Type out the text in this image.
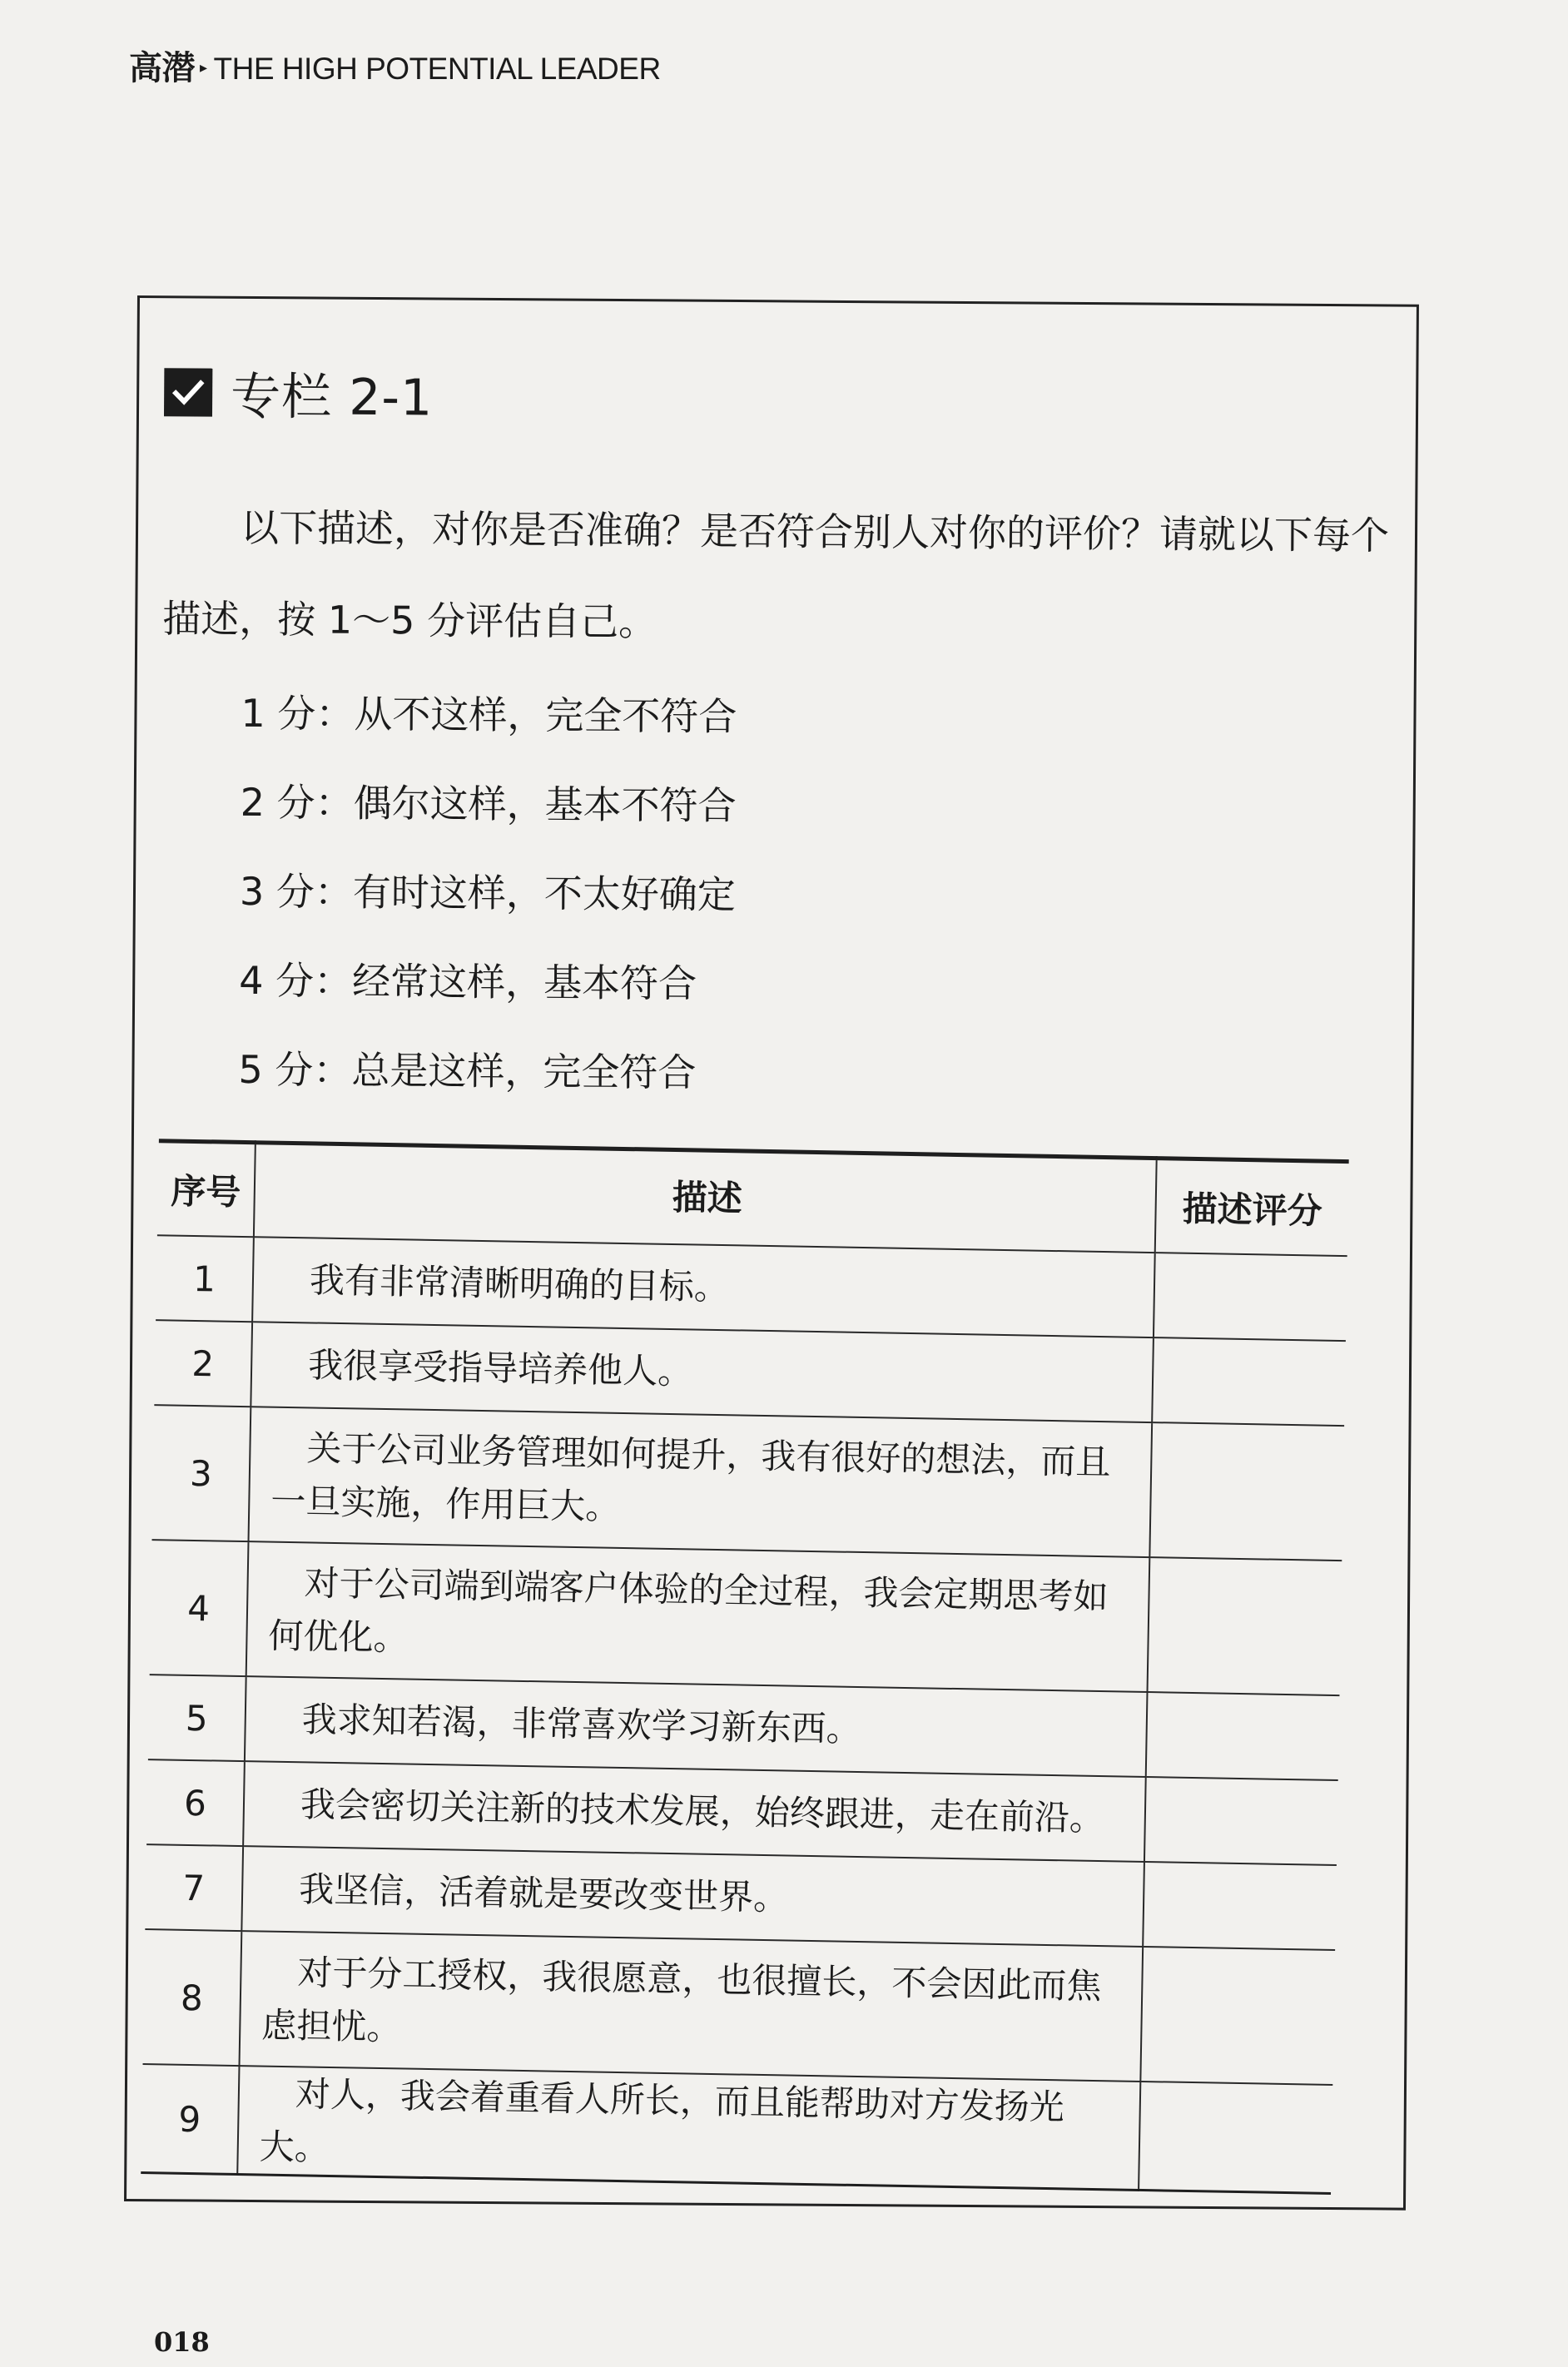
高潜 ▸ THE HIGH POTENTIAL LEADER
专栏 2-1
以下描述，对你是否准确？是否符合别人对你的评价？请就以下每个描述，按 1～5 分评估自己。
1 分：从不这样，完全不符合
2 分：偶尔这样，基本不符合
3 分：有时这样，不太好确定
4 分：经常这样，基本符合
5 分：总是这样，完全符合
序号	描述	描述评分
1	我有非常清晰明确的目标。	

2	我很享受指导培养他人。	

3	关于公司业务管理如何提升，我有很好的想法，而且一旦实施，作用巨大。	

4	对于公司端到端客户体验的全过程，我会定期思考如何优化。	

5	我求知若渴，非常喜欢学习新东西。	

6	我会密切关注新的技术发展，始终跟进，走在前沿。	

7	我坚信，活着就是要改变世界。	

8	对于分工授权，我很愿意，也很擅长，不会因此而焦虑担忧。	

9	对人，我会着重看人所长，而且能帮助对方发扬光大。	

018
